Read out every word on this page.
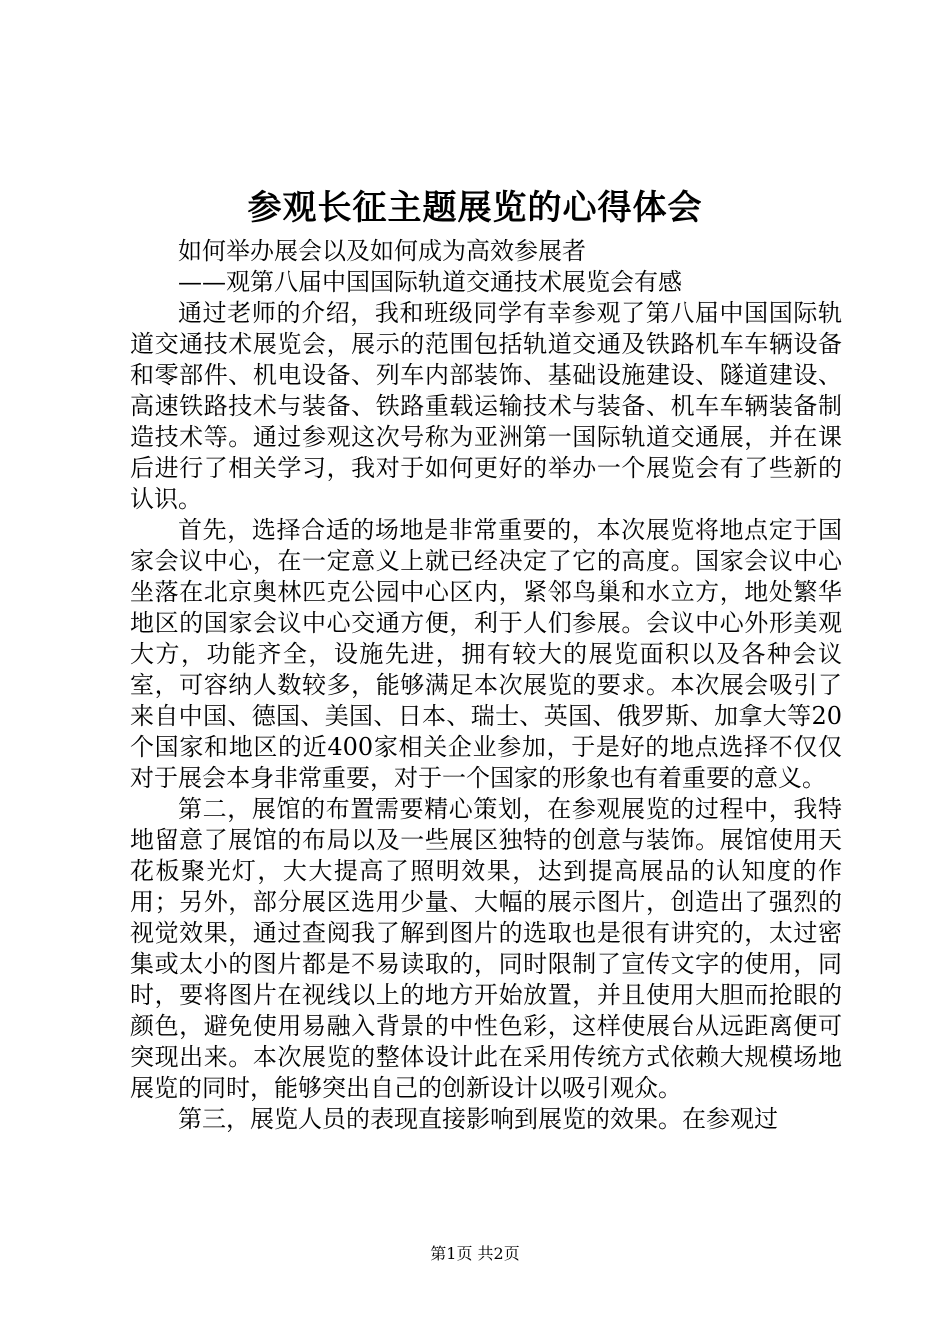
参观长征主题展览的心得体会

如何举办展会以及如何成为高效参展者

——观第八届中国国际轨道交通技术展览会有感

通过老师的介绍，我和班级同学有幸参观了第八届中国国际轨道交通技术展览会，展示的范围包括轨道交通及铁路机车车辆设备和零部件、机电设备、列车内部装饰、基础设施建设、隧道建设、高速铁路技术与装备、铁路重载运输技术与装备、机车车辆装备制造技术等。通过参观这次号称为亚洲第一国际轨道交通展，并在课后进行了相关学习，我对于如何更好的举办一个展览会有了些新的认识。

首先，选择合适的场地是非常重要的，本次展览将地点定于国家会议中心，在一定意义上就已经决定了它的高度。国家会议中心坐落在北京奥林匹克公园中心区内，紧邻鸟巢和水立方，地处繁华地区的国家会议中心交通方便，利于人们参展。会议中心外形美观大方，功能齐全，设施先进，拥有较大的展览面积以及各种会议室，可容纳人数较多，能够满足本次展览的要求。本次展会吸引了来自中国、德国、美国、日本、瑞士、英国、俄罗斯、加拿大等20个国家和地区的近400家相关企业参加，于是好的地点选择不仅仅对于展会本身非常重要，对于一个国家的形象也有着重要的意义。

第二，展馆的布置需要精心策划，在参观展览的过程中，我特地留意了展馆的布局以及一些展区独特的创意与装饰。展馆使用天花板聚光灯，大大提高了照明效果，达到提高展品的认知度的作用；另外，部分展区选用少量、大幅的展示图片，创造出了强烈的视觉效果，通过查阅我了解到图片的选取也是很有讲究的，太过密集或太小的图片都是不易读取的，同时限制了宣传文字的使用，同时，要将图片在视线以上的地方开始放置，并且使用大胆而抢眼的颜色，避免使用易融入背景的中性色彩，这样使展台从远距离便可突现出来。本次展览的整体设计此在采用传统方式依赖大规模场地展览的同时，能够突出自己的创新设计以吸引观众。

第三，展览人员的表现直接影响到展览的效果。在参观过

第1页 共2页
